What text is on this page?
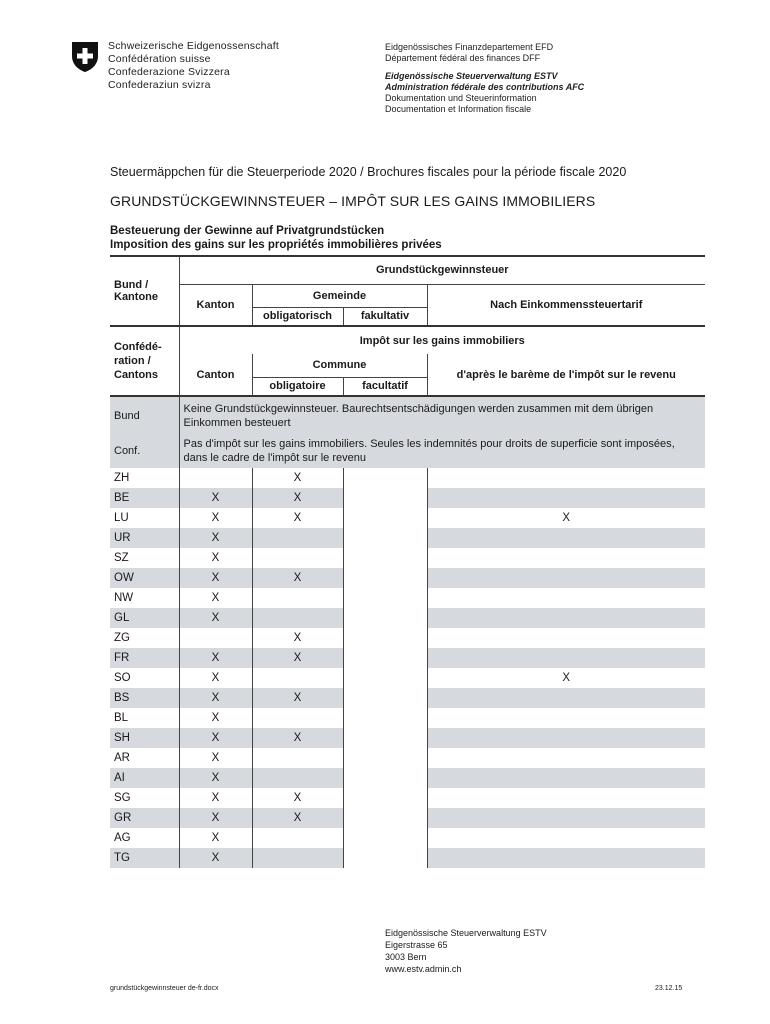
Schweizerische Eidgenossenschaft
Confédération suisse
Confederazione Svizzera
Confederaziun svizra
Eidgenössisches Finanzdepartement EFD
Département fédéral des finances DFF
Eidgenössische Steuerverwaltung ESTV
Administration fédérale des contributions AFC
Dokumentation und Steuerinformation
Documentation et Information fiscale
Steuermäppchen für die Steuerperiode 2020 / Brochures fiscales pour la période fiscale 2020
GRUNDSTÜCKGEWINNSTEUER – IMPÔT SUR LES GAINS IMMOBILIERS
Besteuerung der Gewinne auf Privatgrundstücken
Imposition des gains sur les propriétés immobilières privées
Bund / Kantone	Grundstückgewinnsteuer			
	Kanton	Gemeinde		Nach Einkommenssteuertarif
		obligatorisch	fakultativ	
Confédé-ration / Cantons	Impôt sur les gains immobiliers			
	Canton	Commune		d'après le barème de l'impôt sur le revenu
		obligatoire	facultatif	
Bund	Keine Grundstückgewinnsteuer. Baurechtsentschädigungen werden zusammen mit dem übrigen Einkommen besteuert			
Conf.	Pas d'impôt sur les gains immobiliers. Seules les indemnités pour droits de superficie sont imposées, dans le cadre de l'impôt sur le revenu			
ZH		X		
BE	X	X		
LU	X	X		X
UR	X			
SZ	X			
OW	X	X		
NW	X			
GL	X			
ZG		X		
FR	X	X		
SO	X			X
BS	X	X		
BL	X			
SH	X	X		
AR	X			
AI	X			
SG	X	X		
GR	X	X		
AG	X			
TG	X			
Eidgenössische Steuerverwaltung ESTV
Eigerstrasse 65
3003 Bern
www.estv.admin.ch
grundstückgewinnsteuer de-fr.docx	23.12.15
